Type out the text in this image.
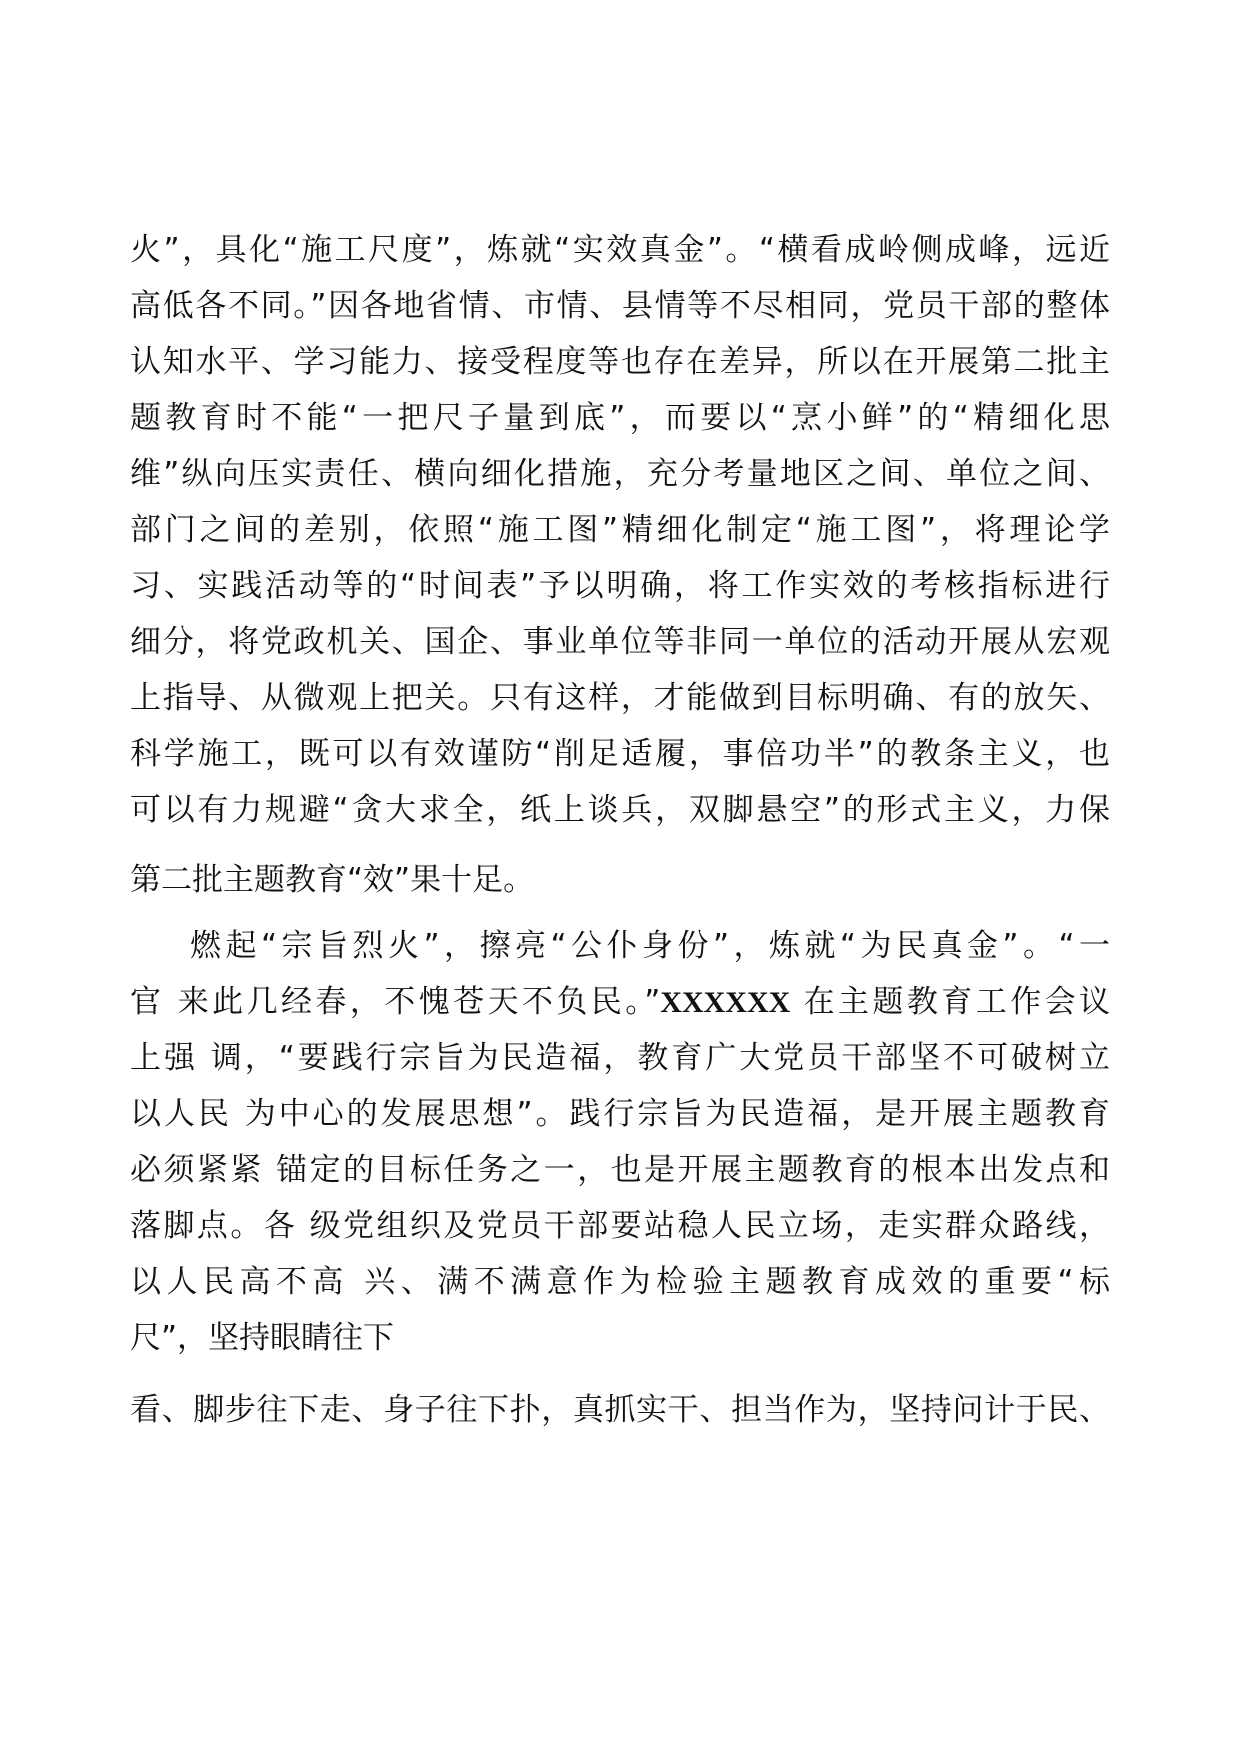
火”，具化“施工尺度”，炼就“实效真金”。“横看成岭侧成峰，远近
高低各不同。”因各地省情、市情、县情等不尽相同，党员干部的整体
认知水平、学习能力、接受程度等也存在差异，所以在开展第二批主
题教育时不能“一把尺子量到底”，而要以“烹小鲜”的“精细化思
维”纵向压实责任、横向细化措施，充分考量地区之间、单位之间、
部门之间的差别，依照“施工图”精细化制定“施工图”，将理论学
习、实践活动等的“时间表”予以明确，将工作实效的考核指标进行
细分，将党政机关、国企、事业单位等非同一单位的活动开展从宏观
上指导、从微观上把关。只有这样，才能做到目标明确、有的放矢、
科学施工，既可以有效谨防“削足适履，事倍功半”的教条主义，也
可以有力规避“贪大求全，纸上谈兵，双脚悬空”的形式主义，力保
第二批主题教育“效”果十足。
燃起“宗旨烈火”，擦亮“公仆身份”，炼就“为民真金”。“一
官 来此几经春，不愧苍天不负民。”XXXXXX 在主题教育工作会议
上强 调，“要践行宗旨为民造福，教育广大党员干部坚不可破树立
以人民 为中心的发展思想”。践行宗旨为民造福，是开展主题教育
必须紧紧 锚定的目标任务之一，也是开展主题教育的根本出发点和
落脚点。各 级党组织及党员干部要站稳人民立场，走实群众路线，
以人民高不高 兴、满不满意作为检验主题教育成效的重要“标
尺”，坚持眼睛往下
看、脚步往下走、身子往下扑，真抓实干、担当作为，坚持问计于民、
